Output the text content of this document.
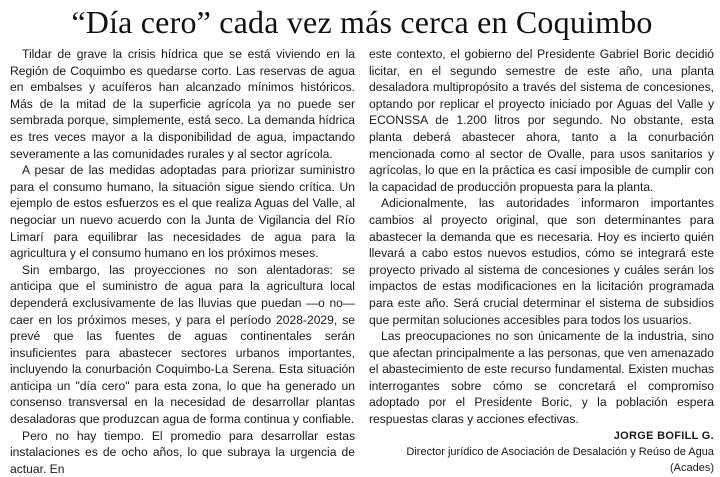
“Día cero” cada vez más cerca en Coquimbo

Tildar de grave la crisis hídrica que se está viviendo en la Región de Coquimbo es quedarse corto. Las reservas de agua en embalses y acuíferos han alcanzado mínimos históricos. Más de la mitad de la superficie agrícola ya no puede ser sembrada porque, simplemente, está seco. La demanda hídrica es tres veces mayor a la disponibilidad de agua, impactando severamente a las comunidades rurales y al sector agrícola.

A pesar de las medidas adoptadas para priorizar suministro para el consumo humano, la situación sigue siendo crítica. Un ejemplo de estos esfuerzos es el que realiza Aguas del Valle, al negociar un nuevo acuerdo con la Junta de Vigilancia del Río Limarí para equilibrar las necesidades de agua para la agricultura y el consumo humano en los próximos meses.

Sin embargo, las proyecciones no son alentadoras: se anticipa que el suministro de agua para la agricultura local dependerá exclusivamente de las lluvias que puedan —o no— caer en los próximos meses, y para el período 2028-2029, se prevé que las fuentes de aguas continentales serán insuficientes para abastecer sectores urbanos importantes, incluyendo la conurbación Coquimbo-La Serena. Esta situación anticipa un "día cero" para esta zona, lo que ha generado un consenso transversal en la necesidad de desarrollar plantas desaladoras que produzcan agua de forma continua y confiable.

Pero no hay tiempo. El promedio para desarrollar estas instalaciones es de ocho años, lo que subraya la urgencia de actuar. En

este contexto, el gobierno del Presidente Gabriel Boric decidió licitar, en el segundo semestre de este año, una planta desaladora multipropósito a través del sistema de concesiones, optando por replicar el proyecto iniciado por Aguas del Valle y ECONSSA de 1.200 litros por segundo. No obstante, esta planta deberá abastecer ahora, tanto a la conurbación mencionada como al sector de Ovalle, para usos sanitarios y agrícolas, lo que en la práctica es casi imposible de cumplir con la capacidad de producción propuesta para la planta.

Adicionalmente, las autoridades informaron importantes cambios al proyecto original, que son determinantes para abastecer la demanda que es necesaria. Hoy es incierto quién llevará a cabo estos nuevos estudios, cómo se integrará este proyecto privado al sistema de concesiones y cuáles serán los impactos de estas modificaciones en la licitación programada para este año. Será crucial determinar el sistema de subsidios que permitan soluciones accesibles para todos los usuarios.

Las preocupaciones no son únicamente de la industria, sino que afectan principalmente a las personas, que ven amenazado el abastecimiento de este recurso fundamental. Existen muchas interrogantes sobre cómo se concretará el compromiso adoptado por el Presidente Boric, y la población espera respuestas claras y acciones efectivas.

JORGE BOFILL G.
Director jurídico de Asociación de Desalación y Reúso de Agua (Acades)
